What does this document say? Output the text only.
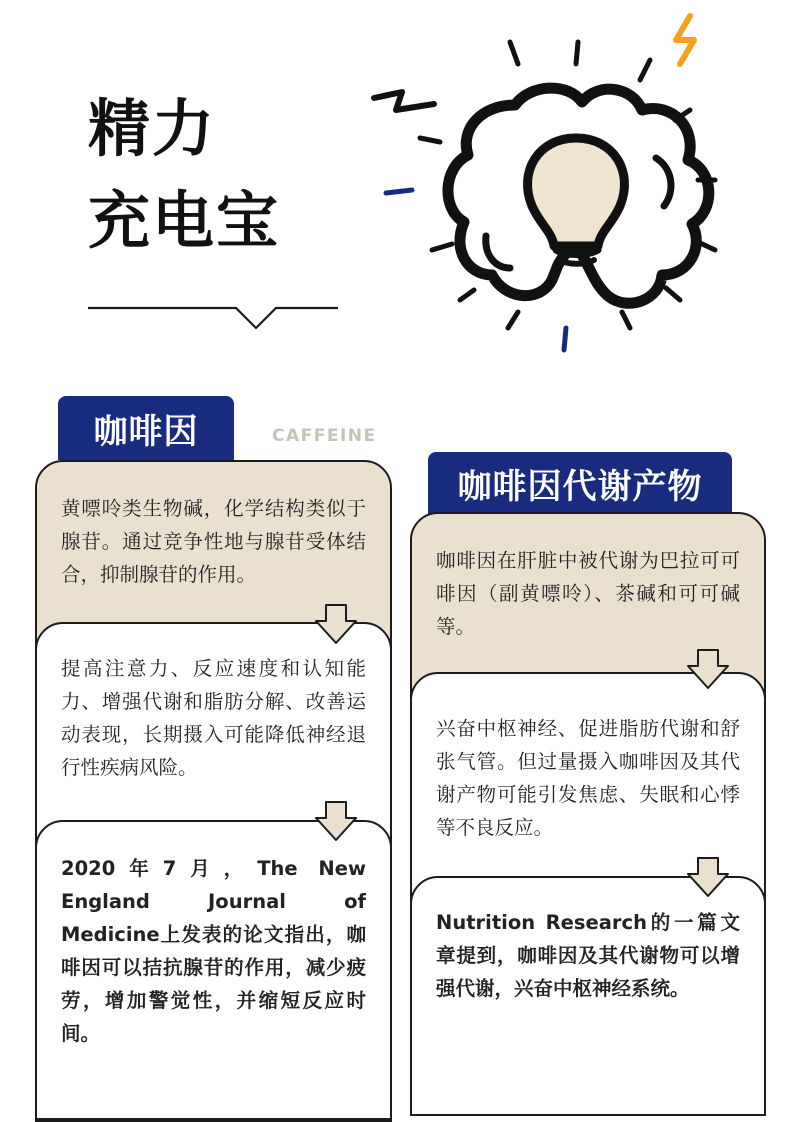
精力
充电宝
咖啡因	CAFFEINE

黄嘌呤类生物碱，化学结构类似于腺苷。通过竞争性地与腺苷受体结合，抑制腺苷的作用。

提高注意力、反应速度和认知能力、增强代谢和脂肪分解、改善运动表现，长期摄入可能降低神经退行性疾病风险。

2020年7月，The New England Journal of Medicine上发表的论文指出，咖啡因可以拮抗腺苷的作用，减少疲劳，增加警觉性，并缩短反应时间。

咖啡因代谢产物

咖啡因在肝脏中被代谢为巴拉可可啡因（副黄嘌呤）、茶碱和可可碱等。

兴奋中枢神经、促进脂肪代谢和舒张气管。但过量摄入咖啡因及其代谢产物可能引发焦虑、失眠和心悸等不良反应。

Nutrition Research的一篇文章提到，咖啡因及其代谢物可以增强代谢，兴奋中枢神经系统。
